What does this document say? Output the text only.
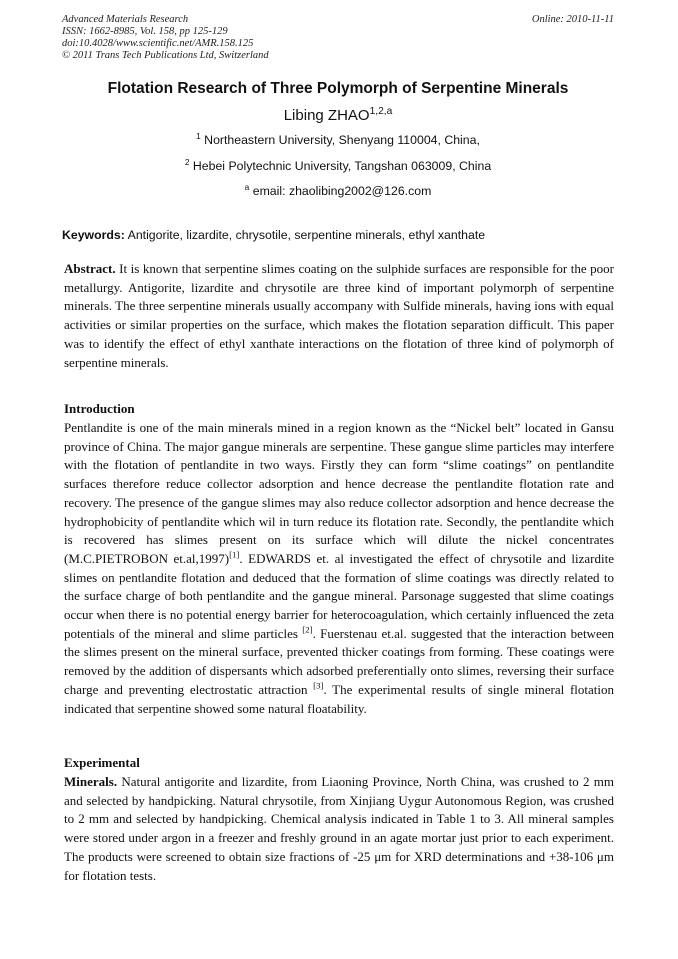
Advanced Materials Research
ISSN: 1662-8985, Vol. 158, pp 125-129
doi:10.4028/www.scientific.net/AMR.158.125
© 2011 Trans Tech Publications Ltd, Switzerland
Online: 2010-11-11
Flotation Research of Three Polymorph of Serpentine Minerals
Libing ZHAO$^{1,2,a}$
$^1$ Northeastern University, Shenyang 110004, China,
$^2$ Hebei Polytechnic University, Tangshan 063009, China
$^a$ email: zhaolibing2002@126.com
Keywords: Antigorite, lizardite, chrysotile, serpentine minerals, ethyl xanthate
Abstract. It is known that serpentine slimes coating on the sulphide surfaces are responsible for the poor metallurgy. Antigorite, lizardite and chrysotile are three kind of important polymorph of serpentine minerals. The three serpentine minerals usually accompany with Sulfide minerals, having ions with equal activities or similar properties on the surface, which makes the flotation separation difficult. This paper was to identify the effect of ethyl xanthate interactions on the flotation of three kind of polymorph of serpentine minerals.
Introduction
Pentlandite is one of the main minerals mined in a region known as the “Nickel belt” located in Gansu province of China. The major gangue minerals are serpentine. These gangue slime particles may interfere with the flotation of pentlandite in two ways. Firstly they can form “slime coatings” on pentlandite surfaces therefore reduce collector adsorption and hence decrease the pentlandite flotation rate and recovery. The presence of the gangue slimes may also reduce collector adsorption and hence decrease the hydrophobicity of pentlandite which wil in turn reduce its flotation rate. Secondly, the pentlandite which is recovered has slimes present on its surface which will dilute the nickel concentrates (M.C.PIETROBON et.al,1997)[1]. EDWARDS et. al investigated the effect of chrysotile and lizardite slimes on pentlandite flotation and deduced that the formation of slime coatings was directly related to the surface charge of both pentlandite and the gangue mineral. Parsonage suggested that slime coatings occur when there is no potential energy barrier for heterocoagulation, which certainly influenced the zeta potentials of the mineral and slime particles [2]. Fuerstenau et.al. suggested that the interaction between the slimes present on the mineral surface, prevented thicker coatings from forming. These coatings were removed by the addition of dispersants which adsorbed preferentially onto slimes, reversing their surface charge and preventing electrostatic attraction [3]. The experimental results of single mineral flotation indicated that serpentine showed some natural floatability.
Experimental
Minerals. Natural antigorite and lizardite, from Liaoning Province, North China, was crushed to 2 mm and selected by handpicking. Natural chrysotile, from Xinjiang Uygur Autonomous Region, was crushed to 2 mm and selected by handpicking. Chemical analysis indicated in Table 1 to 3. All mineral samples were stored under argon in a freezer and freshly ground in an agate mortar just prior to each experiment. The products were screened to obtain size fractions of -25 μm for XRD determinations and +38-106 μm for flotation tests.
